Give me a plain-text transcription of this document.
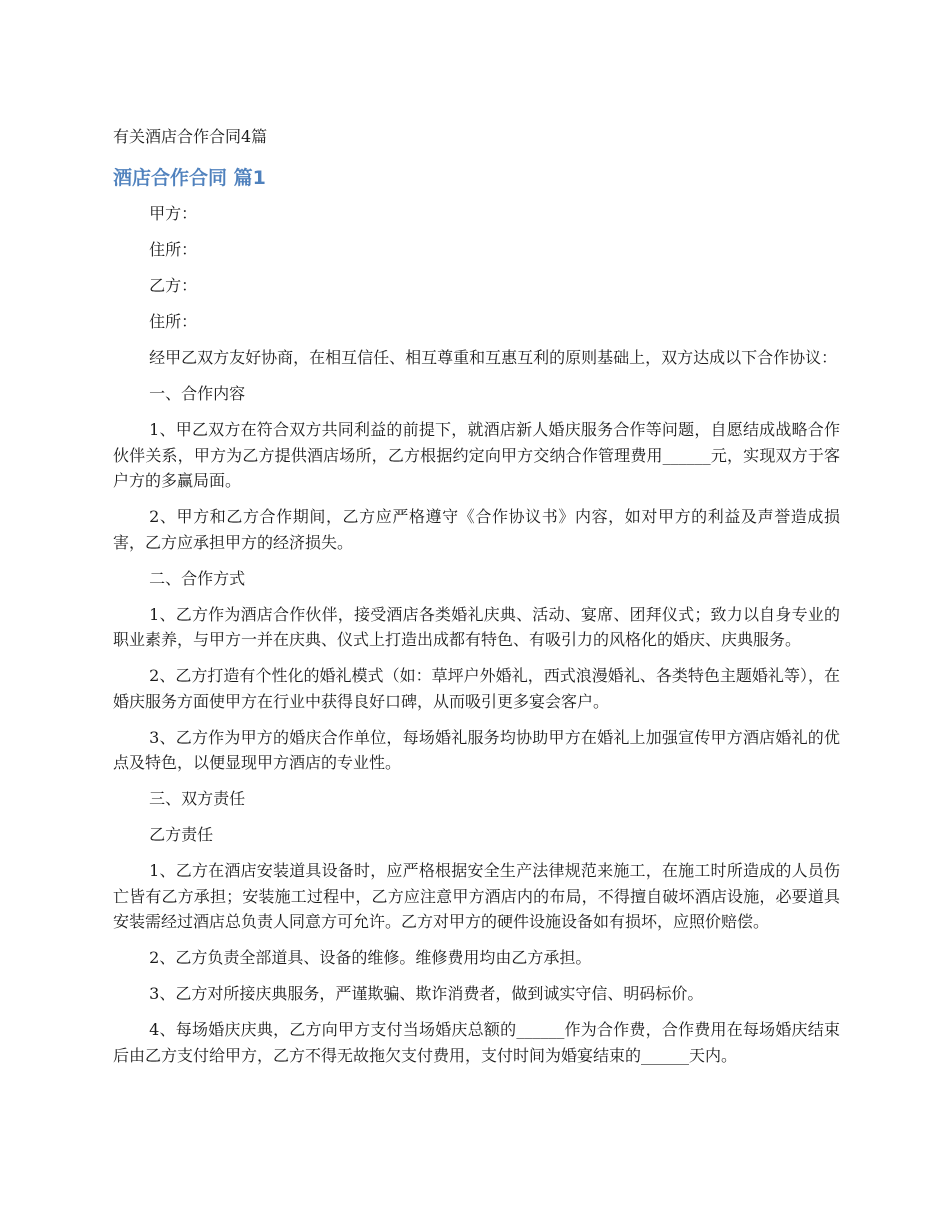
有关酒店合作合同4篇
酒店合作合同 篇1

甲方：

住所：

乙方：

住所：

经甲乙双方友好协商，在相互信任、相互尊重和互惠互利的原则基础上，双方达成以下合作协议：

一、合作内容

1、甲乙双方在符合双方共同利益的前提下，就酒店新人婚庆服务合作等问题，自愿结成战略合作伙伴关系，甲方为乙方提供酒店场所，乙方根据约定向甲方交纳合作管理费用______元，实现双方于客户方的多赢局面。

2、甲方和乙方合作期间，乙方应严格遵守《合作协议书》内容，如对甲方的利益及声誉造成损害，乙方应承担甲方的经济损失。

二、合作方式

1、乙方作为酒店合作伙伴，接受酒店各类婚礼庆典、活动、宴席、团拜仪式；致力以自身专业的职业素养，与甲方一并在庆典、仪式上打造出成都有特色、有吸引力的风格化的婚庆、庆典服务。

2、乙方打造有个性化的婚礼模式（如：草坪户外婚礼，西式浪漫婚礼、各类特色主题婚礼等），在婚庆服务方面使甲方在行业中获得良好口碑，从而吸引更多宴会客户。

3、乙方作为甲方的婚庆合作单位，每场婚礼服务均协助甲方在婚礼上加强宣传甲方酒店婚礼的优点及特色，以便显现甲方酒店的专业性。

三、双方责任

乙方责任

1、乙方在酒店安装道具设备时，应严格根据安全生产法律规范来施工，在施工时所造成的人员伤亡皆有乙方承担；安装施工过程中，乙方应注意甲方酒店内的布局，不得擅自破坏酒店设施，必要道具安装需经过酒店总负责人同意方可允许。乙方对甲方的硬件设施设备如有损坏，应照价赔偿。

2、乙方负责全部道具、设备的维修。维修费用均由乙方承担。

3、乙方对所接庆典服务，严谨欺骗、欺诈消费者，做到诚实守信、明码标价。

4、每场婚庆庆典，乙方向甲方支付当场婚庆总额的______作为合作费，合作费用在每场婚庆结束后由乙方支付给甲方，乙方不得无故拖欠支付费用，支付时间为婚宴结束的______天内。
